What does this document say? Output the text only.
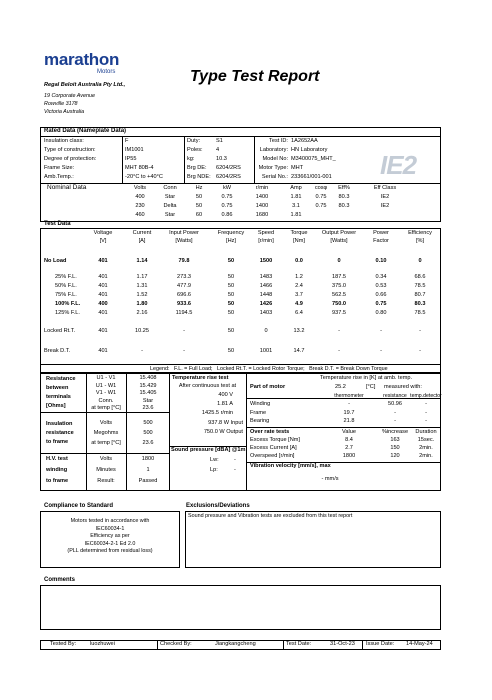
marathon
Motors
Regal Beloit Australia Pty Ltd.,
19 Corporate Avenue
Rowville 3178
Victoria Australia
Type Test Report
Rated Data (Nameplate Data)
IE2
Nominal Data
Test Data
Legend: F.L. = Full Load; Locked Rt.T. = Locked Rotor Torque; Break D.T. = Break Down Torque
Compliance to Standard	Exclusions/Deviations
Sound pressure and Vibration tests are excluded from this test report
Comments
Tested By: luozhuwei	Checked By:	Jiangkangcheng	Test Date:	31-Oct-23 Issue Date: 14-May-24
Insulation class:	F	Duty:	S1	Test ID: 1A2652AA
Type of construction:	IM1001	Poles: 4	Laboratory: HN Laboratory
Degree of protection:	IP55	kg:	10.3	Model No: M3400075_MHT_
Frame Size:	MHT 80B-4	Brg DE: 6204/2RS	Motor Type: MHT
Amb.Temp.:	-20°C to +40°C	Brg NDE: 6204/2RS	Serial No.: 233661/001-001
Volts	Conn	Hz	kW	r/min	Amp	cosφ	Eff%	Eff Class
400	Star	50	0.75	1400	1.81	0.75	80.3	IE2
230	Delta	50	0.75	1400	3.1	0.75	80.3	IE2
460	Star	60	0.86	1680	1.81
Voltage
[V]
Current
[A]
Input Power
[Watts]
Frequency
[Hz]
Speed
[r/min]
Torque
[Nm]
Output Power
[Watts]
Power
Factor
Efficiency
[%]
No Load	401	1.14	79.8	50	1500	0.0	0	0.10	0
25% F.L.	401	1.17	273.3	50	1483	1.2	187.5	0.34	68.6
50% F.L.	401	1.31	477.9	50	1466	2.4	375.0	0.53	78.5
75% F.L.	401	1.52	696.6	50	1448	3.7	562.5	0.66	80.7
100% F.L.	400	1.80	933.6	50	1426	4.9	750.0	0.75	80.3
125% F.L.	401	2.16	1194.5	50	1403	6.4	937.5	0.80	78.5
Locked Rt.T.	401	10.25	-	50	0	13.2	-	-	-
Break D.T.	401	-	-	50	1001	14.7	-	-	-
Resistance
between
terminals
[Ohms]
U1 - V1	15.408
U1 - W1	15.429
V1 - W1	15.405
Conn.	Star
at temp [°C]	23.6
Insulation
resistance
to frame
Volts	500
Megohms	500
at temp [°C]	23.6
H.V. test
winding
to frame
Volts	1800
Minutes	1
Result:	Passed
Temperature rise test
After continuous test at
400 V
1.81 A
1425.5 r/min
937.8 W Input
750.0 W Output
Sound pressure [dBA] @1m
Lw:	-
Lp:	-
Temperature rise in [K] at amb. temp.
Part of motor	25.2	[°C] measured with:
thermometer	resistance temp.detector
Winding	-	50.96	-
Frame	19.7	-	-
Bearing	21.8	-	-
Over rate tests	Value	%increase	Duration
Excess Torque [Nm]	8.4	163	15sec.
Excess Current [A]	2.7	150	2min.
Overspeed [r/min]	1800	120	2min.
Vibration velocity [mm/s], max
- mm/s
Motors tested in accordance with
IEC60034-1
Efficiency as per
IEC60034-2-1 Ed 2.0
(PLL determined from residual loss)
